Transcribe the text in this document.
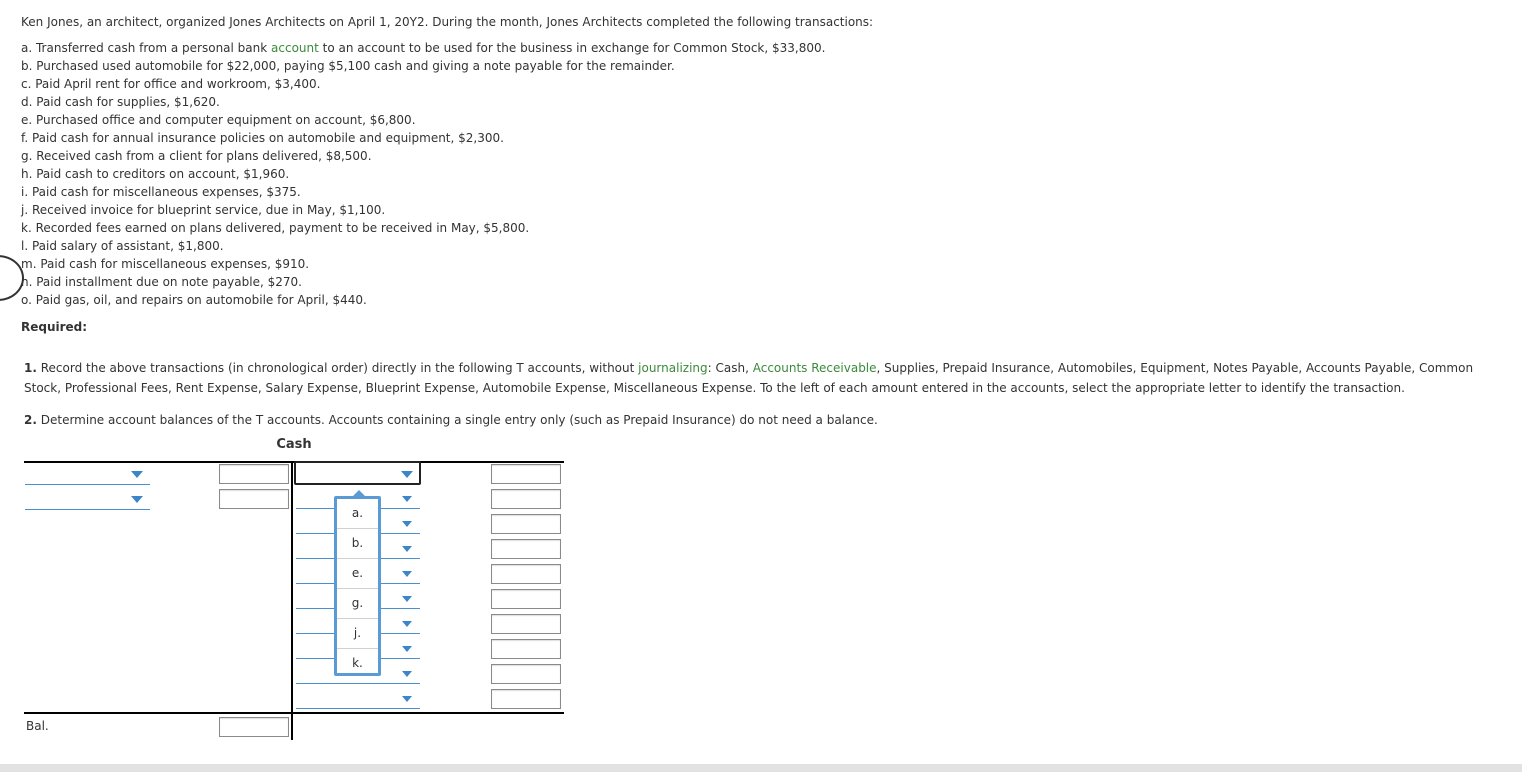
Ken Jones, an architect, organized Jones Architects on April 1, 20Y2. During the month, Jones Architects completed the following transactions:
a. Transferred cash from a personal bank account to an account to be used for the business in exchange for Common Stock, $33,800.
b. Purchased used automobile for $22,000, paying $5,100 cash and giving a note payable for the remainder.
c. Paid April rent for office and workroom, $3,400.
d. Paid cash for supplies, $1,620.
e. Purchased office and computer equipment on account, $6,800.
f. Paid cash for annual insurance policies on automobile and equipment, $2,300.
g. Received cash from a client for plans delivered, $8,500.
h. Paid cash to creditors on account, $1,960.
i. Paid cash for miscellaneous expenses, $375.
j. Received invoice for blueprint service, due in May, $1,100.
k. Recorded fees earned on plans delivered, payment to be received in May, $5,800.
l. Paid salary of assistant, $1,800.
m. Paid cash for miscellaneous expenses, $910.
n. Paid installment due on note payable, $270.
o. Paid gas, oil, and repairs on automobile for April, $440.
Required:
1. Record the above transactions (in chronological order) directly in the following T accounts, without journalizing: Cash, Accounts Receivable, Supplies, Prepaid Insurance, Automobiles, Equipment, Notes Payable, Accounts Payable, Common Stock, Professional Fees, Rent Expense, Salary Expense, Blueprint Expense, Automobile Expense, Miscellaneous Expense. To the left of each amount entered in the accounts, select the appropriate letter to identify the transaction.
2. Determine account balances of the T accounts. Accounts containing a single entry only (such as Prepaid Insurance) do not need a balance.
Cash
a.
b.
e.
g.
j.
k.
Bal.
